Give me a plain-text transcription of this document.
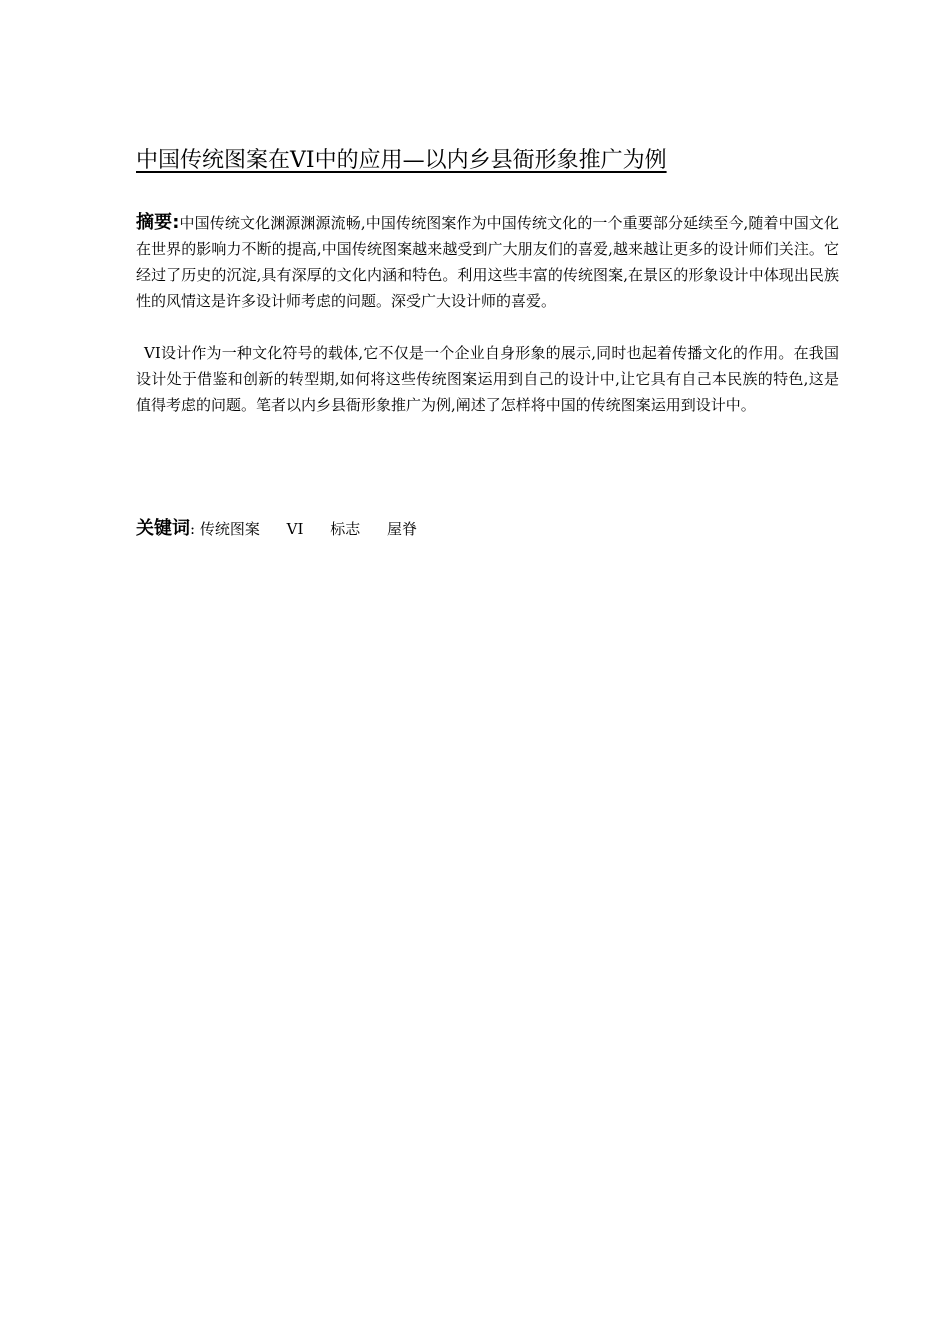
中国传统图案在VI中的应用—以内乡县衙形象推广为例

摘要:中国传统文化渊源渊源流畅,中国传统图案作为中国传统文化的一个重要部分延续至今,随着中国文化在世界的影响力不断的提高,中国传统图案越来越受到广大朋友们的喜爱,越来越让更多的设计师们关注。它经过了历史的沉淀,具有深厚的文化内涵和特色。利用这些丰富的传统图案,在景区的形象设计中体现出民族性的风情这是许多设计师考虑的问题。深受广大设计师的喜爱。

VI设计作为一种文化符号的载体,它不仅是一个企业自身形象的展示,同时也起着传播文化的作用。在我国设计处于借鉴和创新的转型期,如何将这些传统图案运用到自己的设计中,让它具有自己本民族的特色,这是值得考虑的问题。笔者以内乡县衙形象推广为例,阐述了怎样将中国的传统图案运用到设计中。

关键词: 传统图案 VI 标志 屋脊
